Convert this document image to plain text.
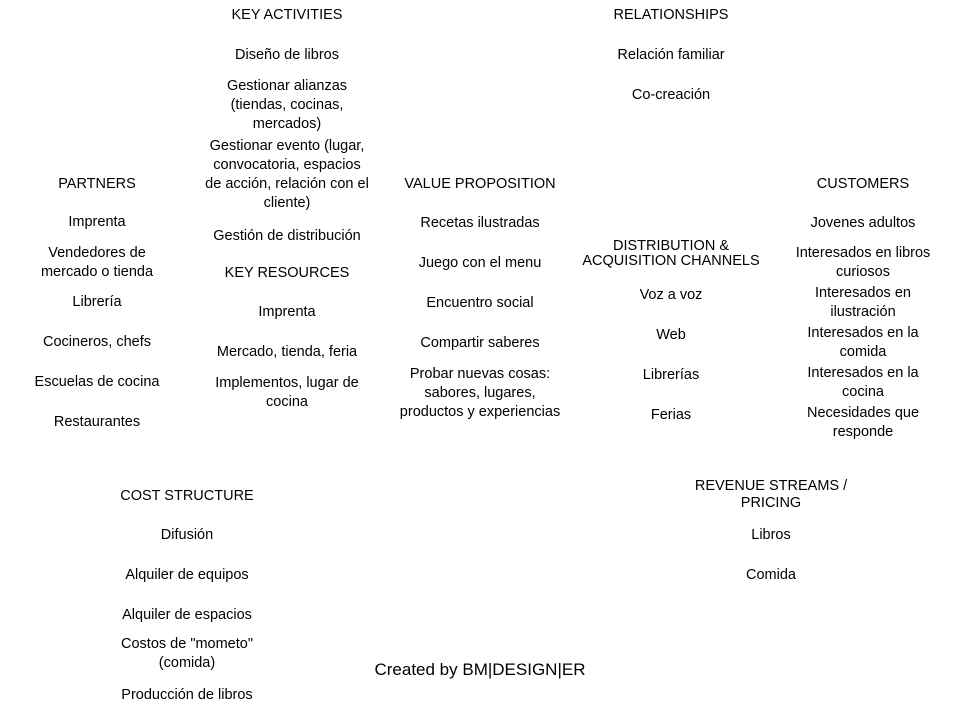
KEY ACTIVITIES
Diseño de libros
Gestionar alianzas (tiendas, cocinas, mercados)
Gestionar evento (lugar, convocatoria, espacios de acción, relación con el cliente)
Gestión de distribución
RELATIONSHIPS
Relación familiar
Co-creación
PARTNERS
Imprenta
Vendedores de mercado o tienda
Librería
Cocineros, chefs
Escuelas de cocina
Restaurantes
KEY RESOURCES
Imprenta
Mercado, tienda, feria
Implementos, lugar de cocina
VALUE PROPOSITION
Recetas ilustradas
Juego con el menu
Encuentro social
Compartir saberes
Probar nuevas cosas: sabores, lugares, productos y experiencias
DISTRIBUTION &
ACQUISITION CHANNELS
Voz a voz
Web
Librerías
Ferias
CUSTOMERS
Jovenes adultos
Interesados en libros curiosos
Interesados en ilustración
Interesados en la comida
Interesados en la cocina
Necesidades que responde
COST STRUCTURE
Difusión
Alquiler de equipos
Alquiler de espacios
Costos de "mometo" (comida)
Producción de libros
REVENUE STREAMS /
PRICING
Libros
Comida
Created by BM|DESIGN|ER
